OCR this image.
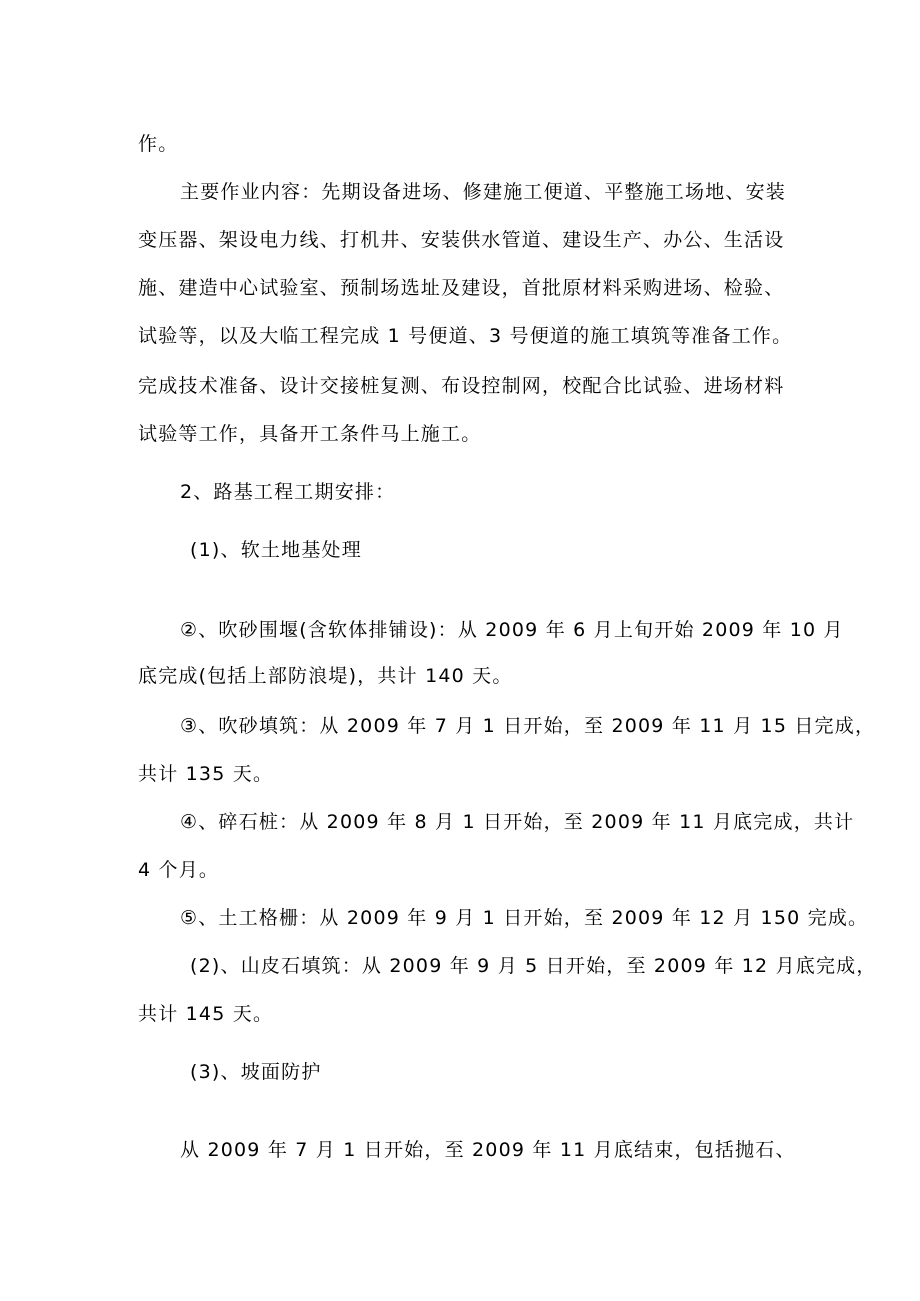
作。
主要作业内容：先期设备进场、修建施工便道、平整施工场地、安装
变压器、架设电力线、打机井、安装供水管道、建设生产、办公、生活设
施、建造中心试验室、预制场选址及建设，首批原材料采购进场、检验、
试验等，以及大临工程完成 1 号便道、3 号便道的施工填筑等准备工作。
完成技术准备、设计交接桩复测、布设控制网，校配合比试验、进场材料
试验等工作，具备开工条件马上施工。
2、路基工程工期安排：
(1)、软土地基处理
②、吹砂围堰(含软体排铺设)：从 2009 年 6 月上旬开始 2009 年 10 月
底完成(包括上部防浪堤)，共计 140 天。
③、吹砂填筑：从 2009 年 7 月 1 日开始，至 2009 年 11 月 15 日完成，
共计 135 天。
④、碎石桩：从 2009 年 8 月 1 日开始，至 2009 年 11 月底完成，共计
4 个月。
⑤、土工格栅：从 2009 年 9 月 1 日开始，至 2009 年 12 月 150 完成。
(2)、山皮石填筑：从 2009 年 9 月 5 日开始，至 2009 年 12 月底完成，
共计 145 天。
(3)、坡面防护
从 2009 年 7 月 1 日开始，至 2009 年 11 月底结束，包括抛石、
